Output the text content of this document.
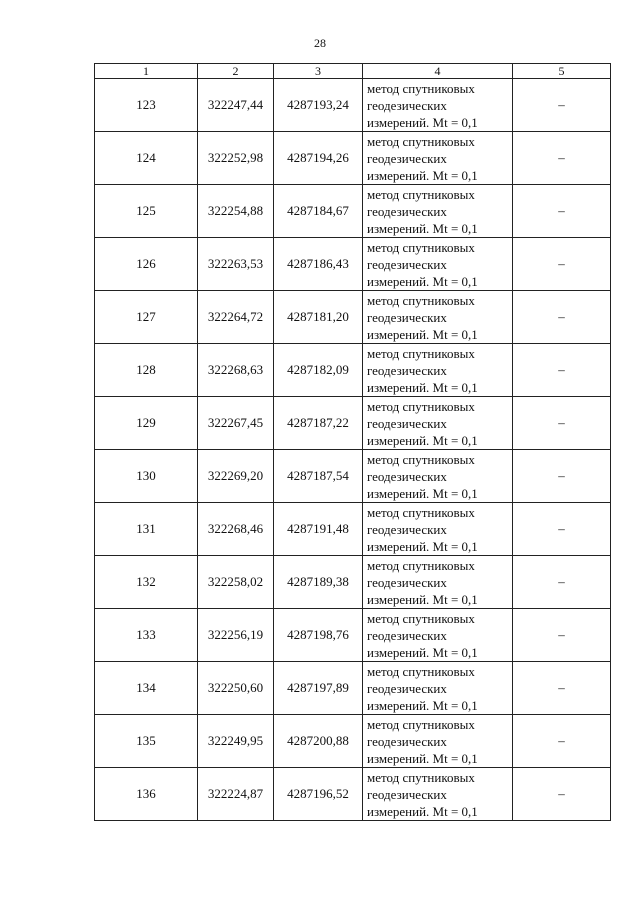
28
1	2	3	4	5
123	322247,44	4287193,24	метод спутниковых
геодезических
измерений. Mt = 0,1	–
124	322252,98	4287194,26	метод спутниковых
геодезических
измерений. Mt = 0,1	–
125	322254,88	4287184,67	метод спутниковых
геодезических
измерений. Mt = 0,1	–
126	322263,53	4287186,43	метод спутниковых
геодезических
измерений. Mt = 0,1	–
127	322264,72	4287181,20	метод спутниковых
геодезических
измерений. Mt = 0,1	–
128	322268,63	4287182,09	метод спутниковых
геодезических
измерений. Mt = 0,1	–
129	322267,45	4287187,22	метод спутниковых
геодезических
измерений. Mt = 0,1	–
130	322269,20	4287187,54	метод спутниковых
геодезических
измерений. Mt = 0,1	–
131	322268,46	4287191,48	метод спутниковых
геодезических
измерений. Mt = 0,1	–
132	322258,02	4287189,38	метод спутниковых
геодезических
измерений. Mt = 0,1	–
133	322256,19	4287198,76	метод спутниковых
геодезических
измерений. Mt = 0,1	–
134	322250,60	4287197,89	метод спутниковых
геодезических
измерений. Mt = 0,1	–
135	322249,95	4287200,88	метод спутниковых
геодезических
измерений. Mt = 0,1	–
136	322224,87	4287196,52	метод спутниковых
геодезических
измерений. Mt = 0,1	–
